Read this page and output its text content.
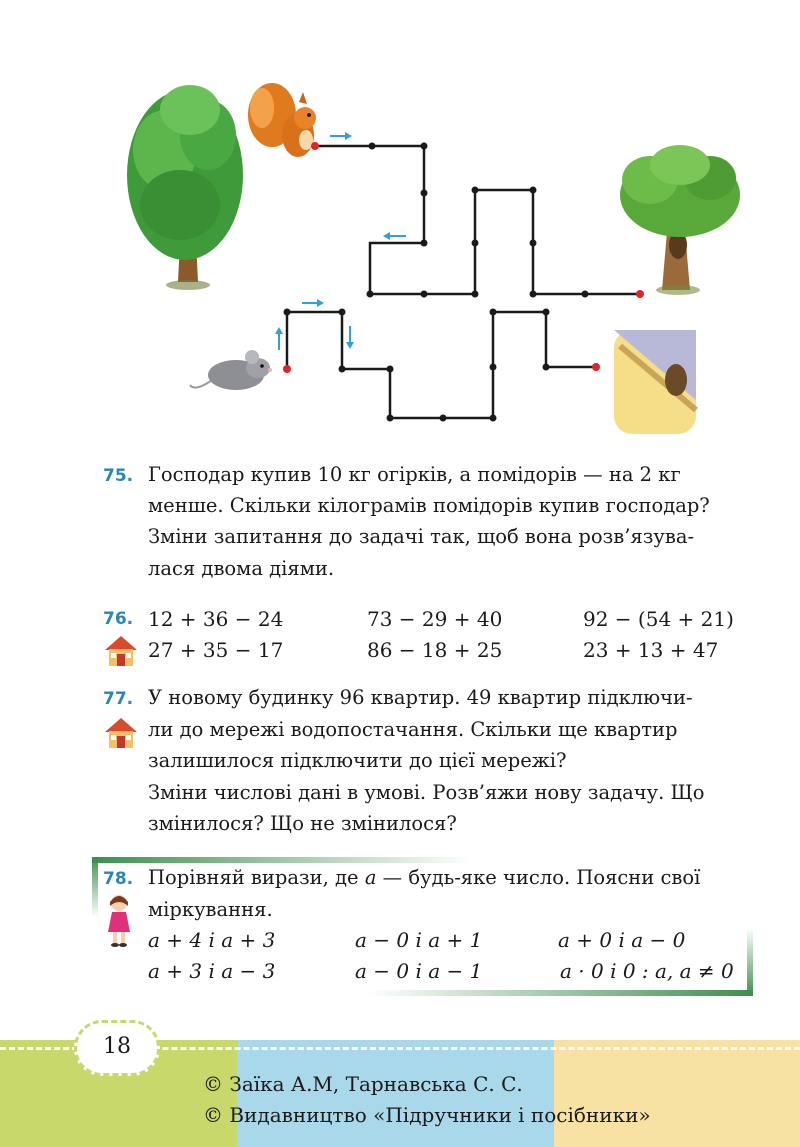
75. Господар купив 10 кг огірків, а помідорів — на 2 кг
менше. Скільки кілограмів помідорів купив господар?
Зміни запитання до задачі так, щоб вона розв’язува-
лася двома діями.
76. 12 + 36 − 24	73 − 29 + 40	92 − (54 + 21)
27 + 35 − 17	86 − 18 + 25	23 + 13 + 47
77. У новому будинку 96 квартир. 49 квартир підключи-
ли до мережі водопостачання. Скільки ще квартир
залишилося підключити до цієї мережі?
Зміни числові дані в умові. Розв’яжи нову задачу. Що
змінилося? Що не змінилося?
78. Порівняй вирази, де a — будь-яке число. Поясни свої
міркування.
a + 4 і a + 3	a − 0 і a + 1	a + 0 і a − 0
a + 3 і a − 3	a − 0 і a − 1	a · 0 і 0 : a, a ≠ 0
18
© Заїка А.М, Тарнавська С. С.
© Видавництво «Підручники і посібники»
